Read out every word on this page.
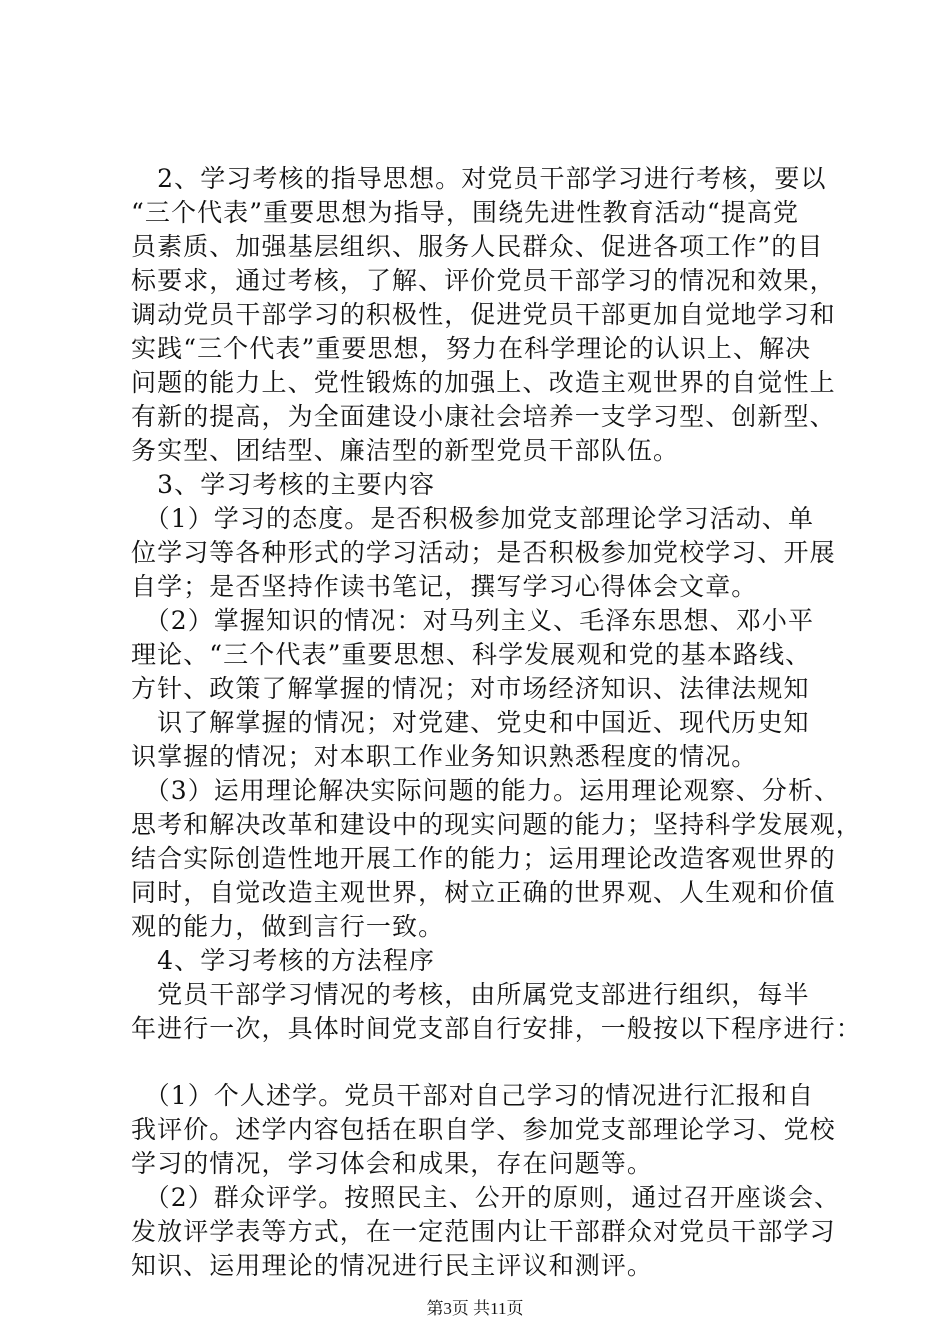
　2、学习考核的指导思想。对党员干部学习进行考核，要以
“三个代表”重要思想为指导，围绕先进性教育活动“提高党
员素质、加强基层组织、服务人民群众、促进各项工作”的目
标要求，通过考核，了解、评价党员干部学习的情况和效果，
调动党员干部学习的积极性，促进党员干部更加自觉地学习和
实践“三个代表”重要思想，努力在科学理论的认识上、解决
问题的能力上、党性锻炼的加强上、改造主观世界的自觉性上
有新的提高，为全面建设小康社会培养一支学习型、创新型、
务实型、团结型、廉洁型的新型党员干部队伍。
　3、学习考核的主要内容
　（1）学习的态度。是否积极参加党支部理论学习活动、单
位学习等各种形式的学习活动；是否积极参加党校学习、开展
自学；是否坚持作读书笔记，撰写学习心得体会文章。
　（2）掌握知识的情况：对马列主义、毛泽东思想、邓小平
理论、“三个代表”重要思想、科学发展观和党的基本路线、
方针、政策了解掌握的情况；对市场经济知识、法律法规知
　识了解掌握的情况；对党建、党史和中国近、现代历史知
识掌握的情况；对本职工作业务知识熟悉程度的情况。
　（3）运用理论解决实际问题的能力。运用理论观察、分析、
思考和解决改革和建设中的现实问题的能力；坚持科学发展观，
结合实际创造性地开展工作的能力；运用理论改造客观世界的
同时，自觉改造主观世界，树立正确的世界观、人生观和价值
观的能力，做到言行一致。
　4、学习考核的方法程序
　党员干部学习情况的考核，由所属党支部进行组织，每半
年进行一次，具体时间党支部自行安排，一般按以下程序进行：
　（1）个人述学。党员干部对自己学习的情况进行汇报和自
我评价。述学内容包括在职自学、参加党支部理论学习、党校
学习的情况，学习体会和成果，存在问题等。
　（2）群众评学。按照民主、公开的原则，通过召开座谈会、
发放评学表等方式，在一定范围内让干部群众对党员干部学习
知识、运用理论的情况进行民主评议和测评。
第3页 共11页
